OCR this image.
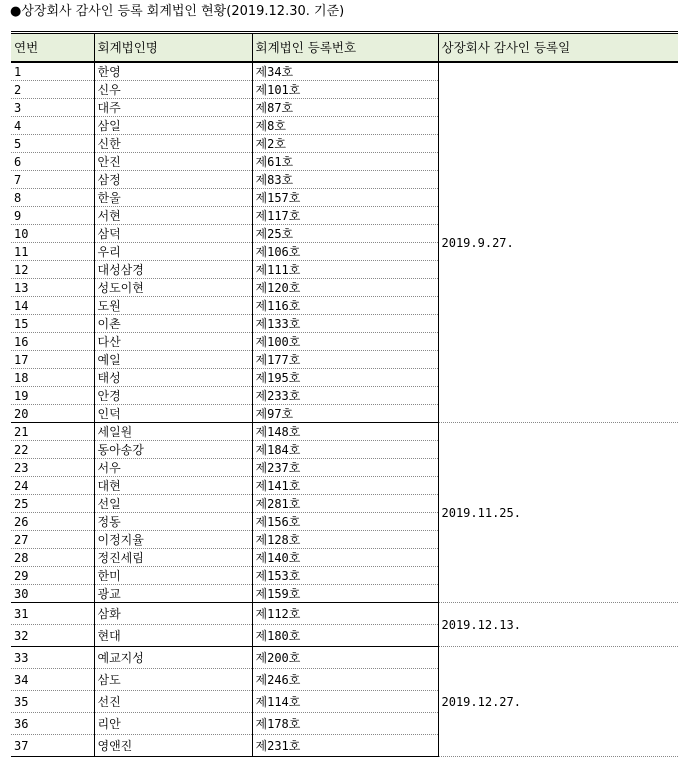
●상장회사 감사인 등록 회계법인 현황(2019.12.30. 기준)
연번	회계법인명	회계법인 등록번호	상장회사 감사인 등록일
1	한영	제34호	2019.9.27.
2	신우	제101호	
3	대주	제87호	
4	삼일	제8호	
5	신한	제2호	
6	안진	제61호	
7	삼정	제83호	
8	한울	제157호	
9	서현	제117호	
10	삼덕	제25호	
11	우리	제106호	
12	대성삼경	제111호	
13	성도이현	제120호	
14	도원	제116호	
15	이촌	제133호	
16	다산	제100호	
17	예일	제177호	
18	태성	제195호	
19	안경	제233호	
20	인덕	제97호	
21	세일원	제148호	2019.11.25.
22	동아송강	제184호	
23	서우	제237호	
24	대현	제141호	
25	선일	제281호	
26	정동	제156호	
27	이정지율	제128호	
28	정진세림	제140호	
29	한미	제153호	
30	광교	제159호	
31	삼화	제112호	2019.12.13.
32	현대	제180호	
33	예교지성	제200호	2019.12.27.
34	삼도	제246호	
35	선진	제114호	
36	리안	제178호	
37	영앤진	제231호	
